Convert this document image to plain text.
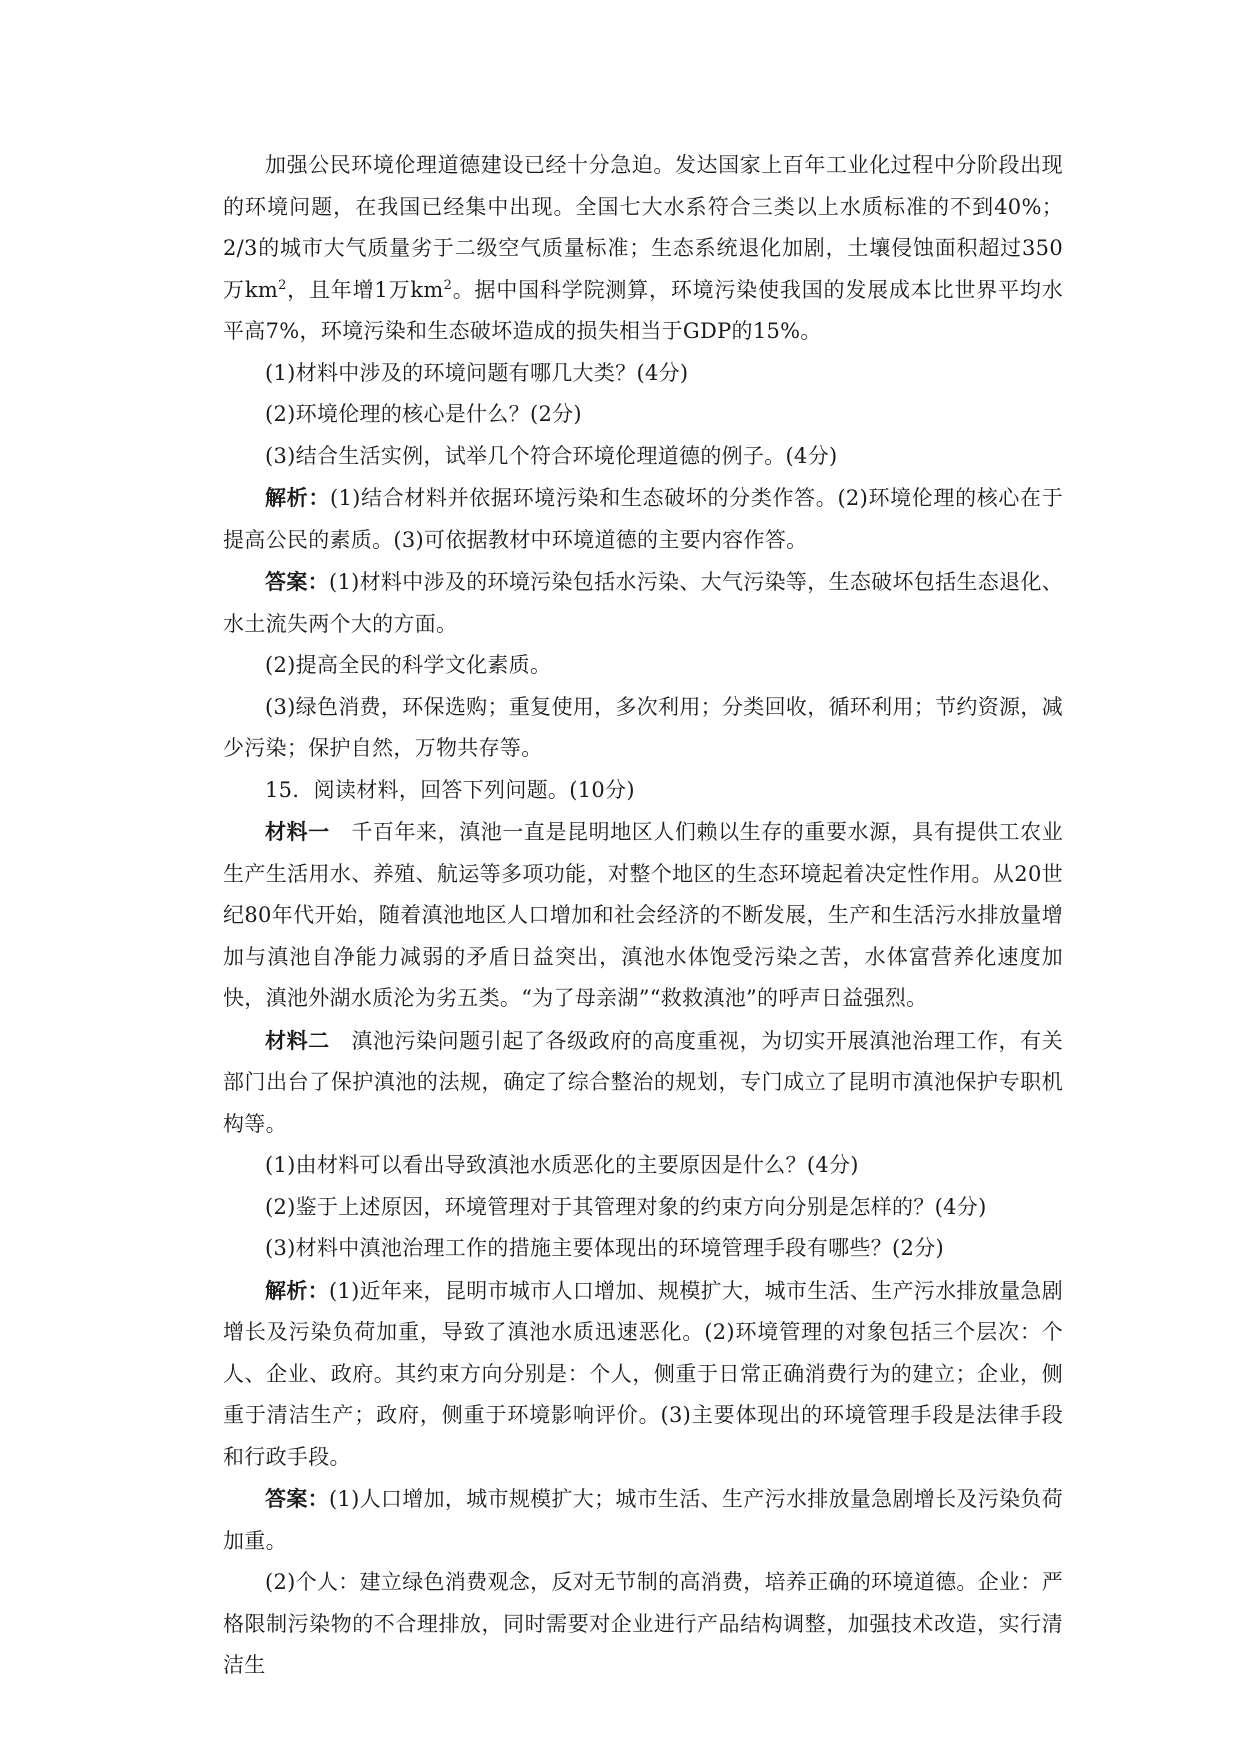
加强公民环境伦理道德建设已经十分急迫。发达国家上百年工业化过程中分阶段出现的环境问题，在我国已经集中出现。全国七大水系符合三类以上水质标准的不到40%；2/3的城市大气质量劣于二级空气质量标准；生态系统退化加剧，土壤侵蚀面积超过350万$km^2$，且年增1万$km^2$。据中国科学院测算，环境污染使我国的发展成本比世界平均水平高7%，环境污染和生态破坏造成的损失相当于GDP的15%。

(1)材料中涉及的环境问题有哪几大类？(4分)

(2)环境伦理的核心是什么？(2分)

(3)结合生活实例，试举几个符合环境伦理道德的例子。(4分)

解析：(1)结合材料并依据环境污染和生态破坏的分类作答。(2)环境伦理的核心在于提高公民的素质。(3)可依据教材中环境道德的主要内容作答。

答案：(1)材料中涉及的环境污染包括水污染、大气污染等，生态破坏包括生态退化、水土流失两个大的方面。

(2)提高全民的科学文化素质。

(3)绿色消费，环保选购；重复使用，多次利用；分类回收，循环利用；节约资源，减少污染；保护自然，万物共存等。

15．阅读材料，回答下列问题。(10分)

材料一　千百年来，滇池一直是昆明地区人们赖以生存的重要水源，具有提供工农业生产生活用水、养殖、航运等多项功能，对整个地区的生态环境起着决定性作用。从20世纪80年代开始，随着滇池地区人口增加和社会经济的不断发展，生产和生活污水排放量增加与滇池自净能力减弱的矛盾日益突出，滇池水体饱受污染之苦，水体富营养化速度加快，滇池外湖水质沦为劣五类。“为了母亲湖”“救救滇池”的呼声日益强烈。

材料二　滇池污染问题引起了各级政府的高度重视，为切实开展滇池治理工作，有关部门出台了保护滇池的法规，确定了综合整治的规划，专门成立了昆明市滇池保护专职机构等。

(1)由材料可以看出导致滇池水质恶化的主要原因是什么？(4分)

(2)鉴于上述原因，环境管理对于其管理对象的约束方向分别是怎样的？(4分)

(3)材料中滇池治理工作的措施主要体现出的环境管理手段有哪些？(2分)

解析：(1)近年来，昆明市城市人口增加、规模扩大，城市生活、生产污水排放量急剧增长及污染负荷加重，导致了滇池水质迅速恶化。(2)环境管理的对象包括三个层次：个人、企业、政府。其约束方向分别是：个人，侧重于日常正确消费行为的建立；企业，侧重于清洁生产；政府，侧重于环境影响评价。(3)主要体现出的环境管理手段是法律手段和行政手段。

答案：(1)人口增加，城市规模扩大；城市生活、生产污水排放量急剧增长及污染负荷加重。

(2)个人：建立绿色消费观念，反对无节制的高消费，培养正确的环境道德。企业：严格限制污染物的不合理排放，同时需要对企业进行产品结构调整，加强技术改造，实行清洁生
